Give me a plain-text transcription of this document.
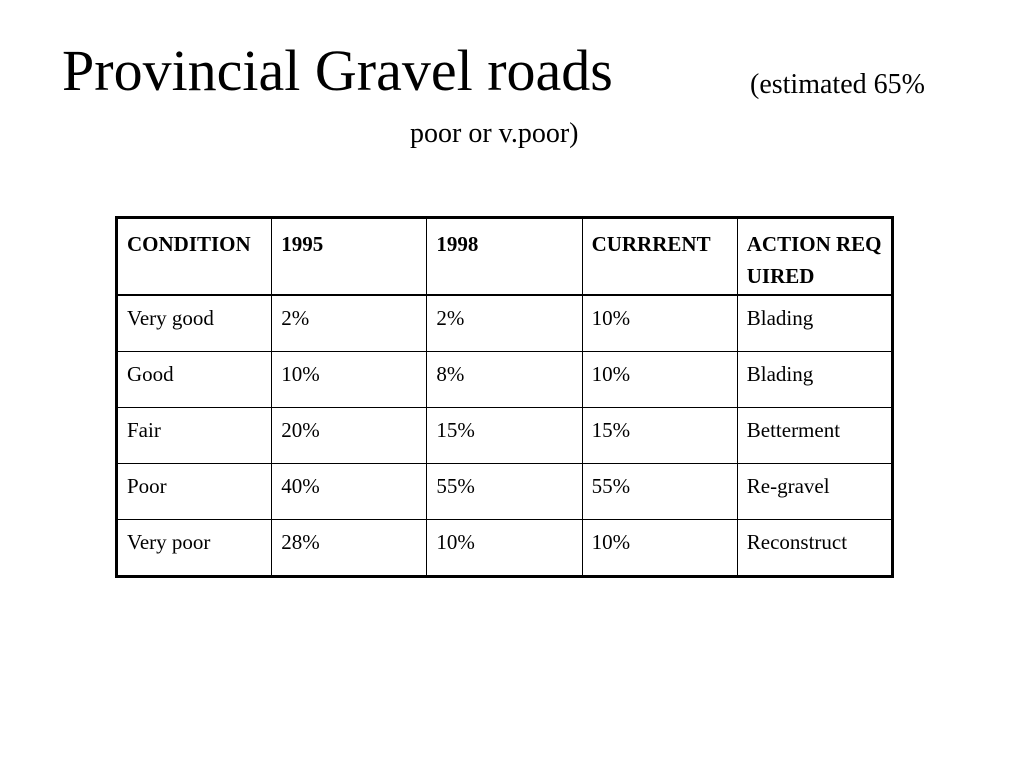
Provincial Gravel roads	(estimated 65%
poor or v.poor)
CONDITION	1995	1998	CURRRENT	ACTION REQUIRED

Very good	2%	2%	10%	Blading
Good	10%	8%	10%	Blading
Fair	20%	15%	15%	Betterment
Poor	40%	55%	55%	Re-gravel
Very poor	28%	10%	10%	Reconstruct
